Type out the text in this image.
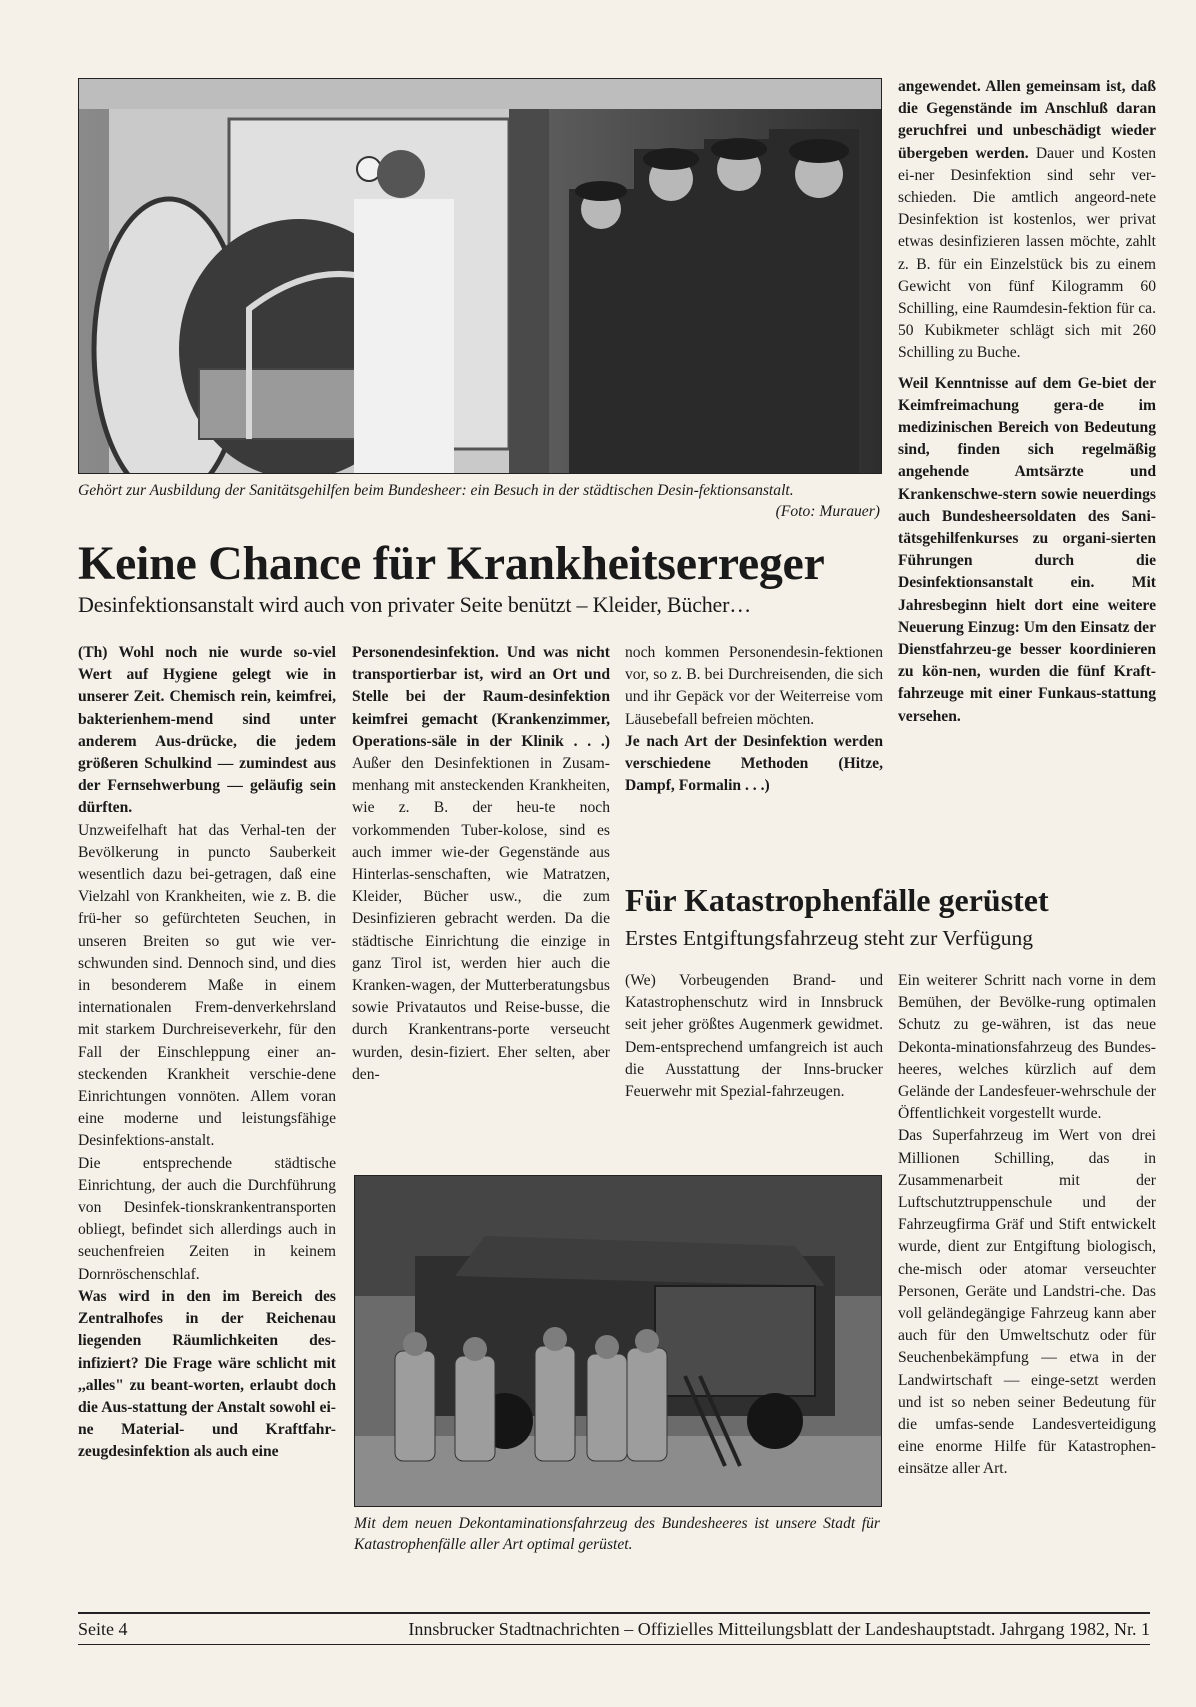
Gehört zur Ausbildung der Sanitätsgehilfen beim Bundesheer: ein Besuch in der städtischen Desin-fektionsanstalt.
(Foto: Murauer)
Keine Chance für Krankheitserreger
Desinfektionsanstalt wird auch von privater Seite benützt – Kleider, Bücher…

(Th) Wohl noch nie wurde so-viel Wert auf Hygiene gelegt wie in unserer Zeit. Chemisch rein, keimfrei, bakterienhem-mend sind unter anderem Aus-drücke, die jedem größeren Schulkind — zumindest aus der Fernsehwerbung — geläufig sein dürften.

Unzweifelhaft hat das Verhal-ten der Bevölkerung in puncto Sauberkeit wesentlich dazu bei-getragen, daß eine Vielzahl von Krankheiten, wie z. B. die frü-her so gefürchteten Seuchen, in unseren Breiten so gut wie ver-schwunden sind. Dennoch sind, und dies in besonderem Maße in einem internationalen Frem-denverkehrsland mit starkem Durchreiseverkehr, für den Fall der Einschleppung einer an-steckenden Krankheit verschie-dene Einrichtungen vonnöten. Allem voran eine moderne und leistungsfähige Desinfektions-anstalt.

Die entsprechende städtische Einrichtung, der auch die Durchführung von Desinfek-tionskrankentransporten obliegt, befindet sich allerdings auch in seuchenfreien Zeiten in keinem Dornröschenschlaf.

Was wird in den im Bereich des Zentralhofes in der Reichenau liegenden Räumlichkeiten des-infiziert? Die Frage wäre schlicht mit ,,alles" zu beant-worten, erlaubt doch die Aus-stattung der Anstalt sowohl ei-ne Material- und Kraftfahr-zeugdesinfektion als auch eine

Personendesinfektion. Und was nicht transportierbar ist, wird an Ort und Stelle bei der Raum-desinfektion keimfrei gemacht (Krankenzimmer, Operations-säle in der Klinik . . .) Außer den Desinfektionen in Zusam-menhang mit ansteckenden Krankheiten, wie z. B. der heu-te noch vorkommenden Tuber-kolose, sind es auch immer wie-der Gegenstände aus Hinterlas-senschaften, wie Matratzen, Kleider, Bücher usw., die zum Desinfizieren gebracht werden. Da die städtische Einrichtung die einzige in ganz Tirol ist, werden hier auch die Kranken-wagen, der Mutterberatungsbus sowie Privatautos und Reise-busse, die durch Krankentrans-porte verseucht wurden, desin-fiziert. Eher selten, aber den-

noch kommen Personendesin-fektionen vor, so z. B. bei Durchreisenden, die sich und ihr Gepäck vor der Weiterreise vom Läusebefall befreien möchten.

Je nach Art der Desinfektion werden verschiedene Methoden (Hitze, Dampf, Formalin . . .)

angewendet. Allen gemeinsam ist, daß die Gegenstände im Anschluß daran geruchfrei und unbeschädigt wieder übergeben werden. Dauer und Kosten ei-ner Desinfektion sind sehr ver-schieden. Die amtlich angeord-nete Desinfektion ist kostenlos, wer privat etwas desinfizieren lassen möchte, zahlt z. B. für ein Einzelstück bis zu einem Gewicht von fünf Kilogramm 60 Schilling, eine Raumdesin-fektion für ca. 50 Kubikmeter schlägt sich mit 260 Schilling zu Buche.

Weil Kenntnisse auf dem Ge-biet der Keimfreimachung gera-de im medizinischen Bereich von Bedeutung sind, finden sich regelmäßig angehende Amtsärzte und Krankenschwe-stern sowie neuerdings auch Bundesheersoldaten des Sani-tätsgehilfenkurses zu organi-sierten Führungen durch die Desinfektionsanstalt ein. Mit Jahresbeginn hielt dort eine weitere Neuerung Einzug: Um den Einsatz der Dienstfahrzeu-ge besser koordinieren zu kön-nen, wurden die fünf Kraft-fahrzeuge mit einer Funkaus-stattung versehen.

Für Katastrophenfälle gerüstet
Erstes Entgiftungsfahrzeug steht zur Verfügung

(We) Vorbeugenden Brand- und Katastrophenschutz wird in Innsbruck seit jeher größtes Augenmerk gewidmet. Dem-entsprechend umfangreich ist auch die Ausstattung der Inns-brucker Feuerwehr mit Spezial-fahrzeugen.

Ein weiterer Schritt nach vorne in dem Bemühen, der Bevölke-rung optimalen Schutz zu ge-währen, ist das neue Dekonta-minationsfahrzeug des Bundes-heeres, welches kürzlich auf dem Gelände der Landesfeuer-wehrschule der Öffentlichkeit vorgestellt wurde.

Das Superfahrzeug im Wert von drei Millionen Schilling, das in Zusammenarbeit mit der Luftschutztruppenschule und der Fahrzeugfirma Gräf und Stift entwickelt wurde, dient zur Entgiftung biologisch, che-misch oder atomar verseuchter Personen, Geräte und Landstri-che. Das voll geländegängige Fahrzeug kann aber auch für den Umweltschutz oder für Seuchenbekämpfung — etwa in der Landwirtschaft — einge-setzt werden und ist so neben seiner Bedeutung für die umfas-sende Landesverteidigung eine enorme Hilfe für Katastrophen-einsätze aller Art.

Mit dem neuen Dekontaminationsfahrzeug des Bundesheeres ist unsere Stadt für Katastrophenfälle aller Art optimal gerüstet.
Seite 4	Innsbrucker Stadtnachrichten – Offizielles Mitteilungsblatt der Landeshauptstadt. Jahrgang 1982, Nr. 1
